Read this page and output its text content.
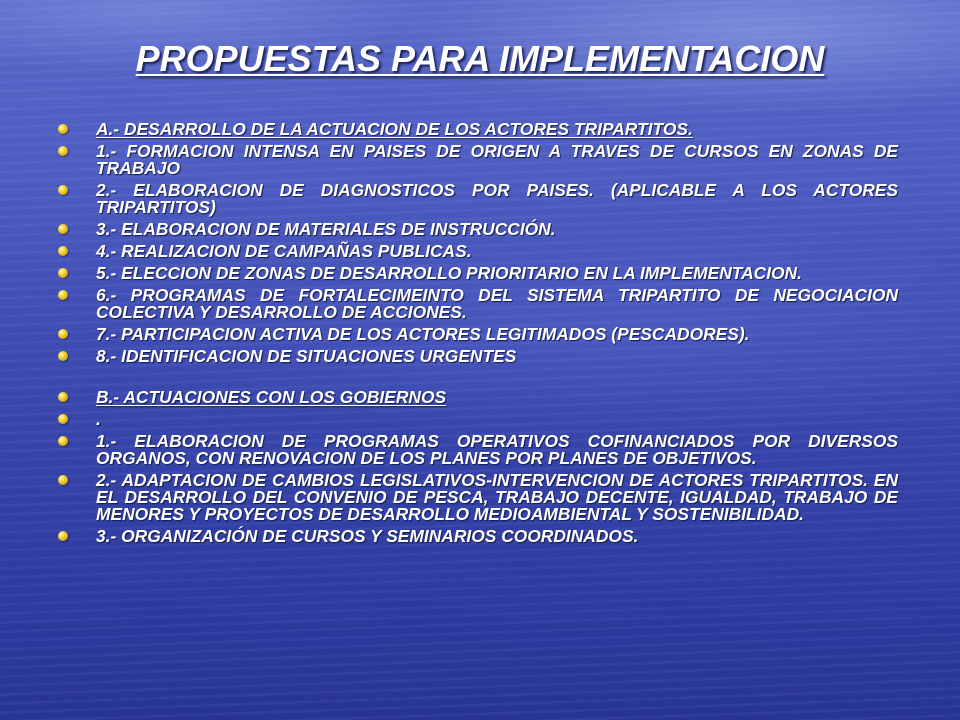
PROPUESTAS PARA IMPLEMENTACION
A.- DESARROLLO DE LA ACTUACION DE LOS ACTORES TRIPARTITOS.
1.- FORMACION INTENSA EN PAISES DE ORIGEN A TRAVES DE CURSOS EN ZONAS DE TRABAJO
2.- ELABORACION DE DIAGNOSTICOS POR PAISES. (APLICABLE A LOS ACTORES TRIPARTITOS)
3.- ELABORACION DE MATERIALES DE INSTRUCCIÓN.
4.- REALIZACION DE CAMPAÑAS PUBLICAS.
5.- ELECCION DE ZONAS DE DESARROLLO PRIORITARIO EN LA IMPLEMENTACION.
6.- PROGRAMAS DE FORTALECIMEINTO DEL SISTEMA TRIPARTITO DE NEGOCIACION COLECTIVA Y DESARROLLO DE ACCIONES.
7.- PARTICIPACION ACTIVA DE LOS ACTORES LEGITIMADOS (PESCADORES).
8.- IDENTIFICACION DE SITUACIONES URGENTES
B.- ACTUACIONES CON LOS GOBIERNOS
.
1.- ELABORACION DE PROGRAMAS OPERATIVOS COFINANCIADOS POR DIVERSOS ORGANOS, CON RENOVACION DE LOS PLANES POR PLANES DE OBJETIVOS.
2.- ADAPTACION DE CAMBIOS LEGISLATIVOS-INTERVENCION DE ACTORES TRIPARTITOS. EN EL DESARROLLO DEL CONVENIO DE PESCA, TRABAJO DECENTE, IGUALDAD, TRABAJO DE MENORES Y PROYECTOS DE DESARROLLO MEDIOAMBIENTAL Y SOSTENIBILIDAD.
3.- ORGANIZACIÓN DE CURSOS Y SEMINARIOS COORDINADOS.
